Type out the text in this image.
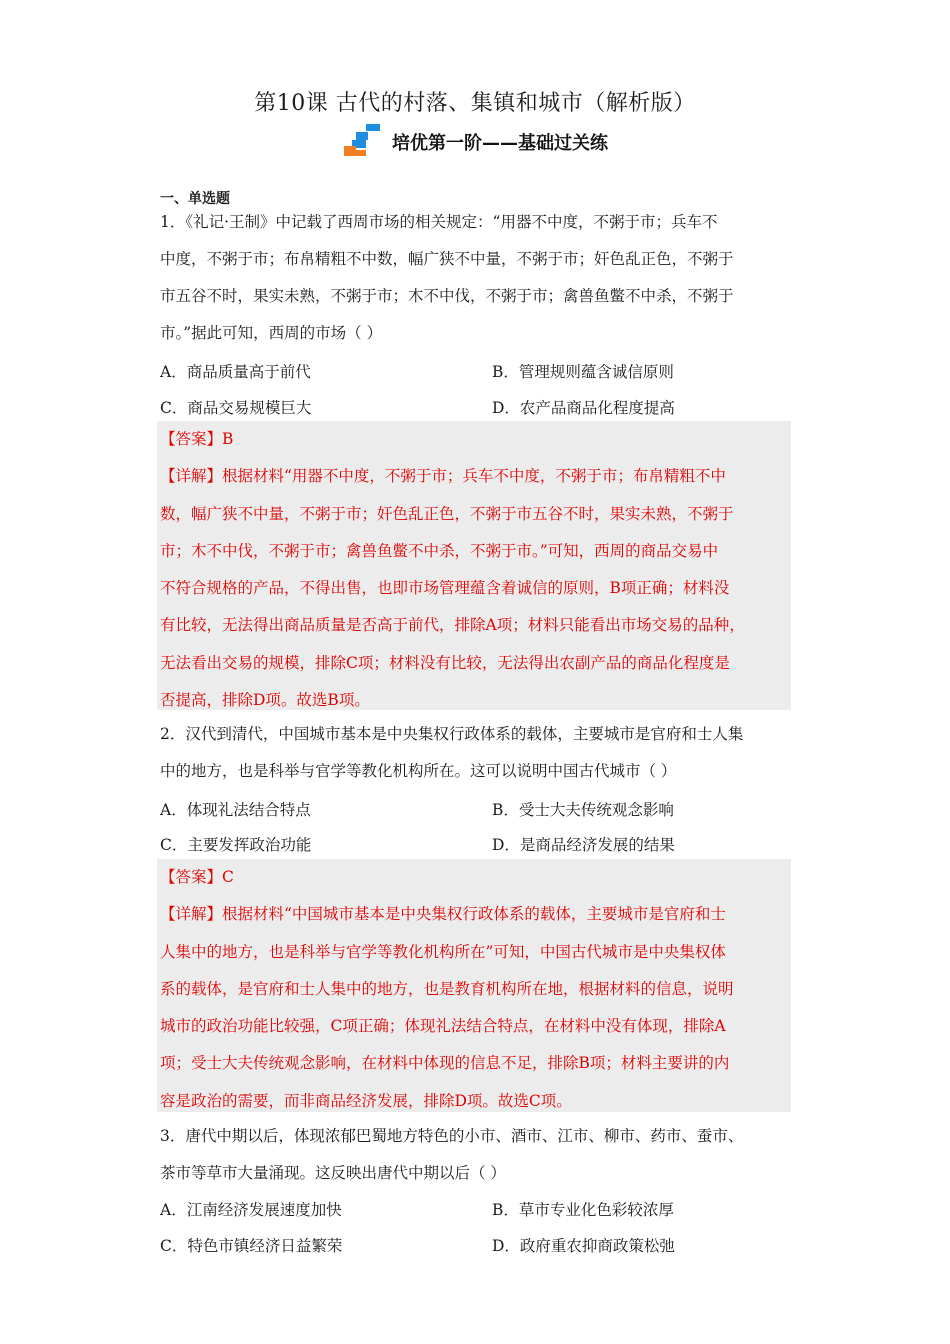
第10课 古代的村落、集镇和城市（解析版）
培优第一阶——基础过关练
一、单选题

1．《礼记·王制》中记载了西周市场的相关规定：“用器不中度，不粥于市；兵车不

中度，不粥于市；布帛精粗不中数，幅广狭不中量，不粥于市；奸色乱正色，不粥于

市五谷不时，果实未熟，不粥于市；木不中伐，不粥于市；禽兽鱼鳖不中杀，不粥于

市。”据此可知，西周的市场（ ）

A．商品质量高于前代	B．管理规则蕴含诚信原则
C．商品交易规模巨大	D．农产品商品化程度提高

【答案】B

【详解】根据材料“用器不中度，不粥于市；兵车不中度，不粥于市；布帛精粗不中

数，幅广狭不中量，不粥于市；奸色乱正色，不粥于市五谷不时，果实未熟，不粥于

市；木不中伐，不粥于市；禽兽鱼鳖不中杀，不粥于市。”可知，西周的商品交易中

不符合规格的产品，不得出售，也即市场管理蕴含着诚信的原则，B项正确；材料没

有比较，无法得出商品质量是否高于前代，排除A项；材料只能看出市场交易的品种，

无法看出交易的规模，排除C项；材料没有比较，无法得出农副产品的商品化程度是

否提高，排除D项。故选B项。

2．汉代到清代，中国城市基本是中央集权行政体系的载体，主要城市是官府和士人集

中的地方，也是科举与官学等教化机构所在。这可以说明中国古代城市（ ）

A．体现礼法结合特点	B．受士大夫传统观念影响
C．主要发挥政治功能	D．是商品经济发展的结果

【答案】C

【详解】根据材料“中国城市基本是中央集权行政体系的载体，主要城市是官府和士

人集中的地方，也是科举与官学等教化机构所在”可知，中国古代城市是中央集权体

系的载体，是官府和士人集中的地方，也是教育机构所在地，根据材料的信息，说明

城市的政治功能比较强，C项正确；体现礼法结合特点，在材料中没有体现，排除A

项；受士大夫传统观念影响，在材料中体现的信息不足，排除B项；材料主要讲的内

容是政治的需要，而非商品经济发展，排除D项。故选C项。

3．唐代中期以后，体现浓郁巴蜀地方特色的小市、酒市、江市、柳市、药市、蚕市、

茶市等草市大量涌现。这反映出唐代中期以后（ ）

A．江南经济发展速度加快	B．草市专业化色彩较浓厚
C．特色市镇经济日益繁荣	D．政府重农抑商政策松弛
